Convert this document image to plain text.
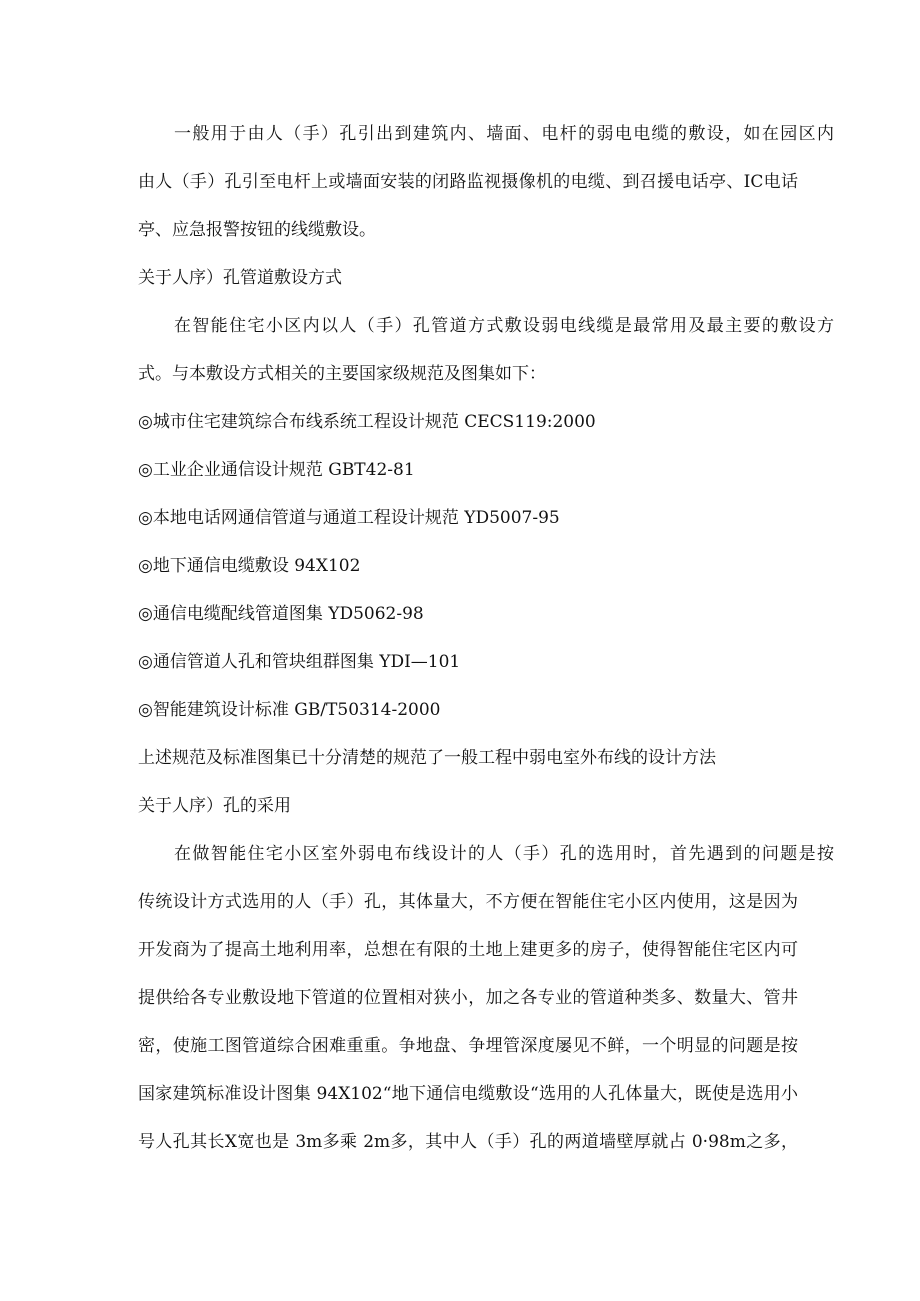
一般用于由人（手）孔引出到建筑内、墙面、电杆的弱电电缆的敷设，如在园区内
由人（手）孔引至电杆上或墙面安装的闭路监视摄像机的电缆、到召援电话亭、IC电话
亭、应急报警按钮的线缆敷设。
关于人序）孔管道敷设方式
在智能住宅小区内以人（手）孔管道方式敷设弱电线缆是最常用及最主要的敷设方
式。与本敷设方式相关的主要国家级规范及图集如下：
◎城市住宅建筑综合布线系统工程设计规范 CECS119:2000
◎工业企业通信设计规范 GBT42-81
◎本地电话网通信管道与通道工程设计规范 YD5007-95
◎地下通信电缆敷设 94X102
◎通信电缆配线管道图集 YD5062-98
◎通信管道人孔和管块组群图集 YDI—101
◎智能建筑设计标准 GB/T50314-2000
上述规范及标准图集已十分清楚的规范了一般工程中弱电室外布线的设计方法
关于人序）孔的采用
在做智能住宅小区室外弱电布线设计的人（手）孔的选用时，首先遇到的问题是按
传统设计方式选用的人（手）孔，其体量大，不方便在智能住宅小区内使用，这是因为
开发商为了提高土地利用率，总想在有限的土地上建更多的房子，使得智能住宅区内可
提供给各专业敷设地下管道的位置相对狭小，加之各专业的管道种类多、数量大、管井
密，使施工图管道综合困难重重。争地盘、争埋管深度屡见不鲜，一个明显的问题是按
国家建筑标准设计图集 94X102“地下通信电缆敷设“选用的人孔体量大，既使是选用小
号人孔其长X宽也是 3m多乘 2m多，其中人（手）孔的两道墙壁厚就占 0·98m之多，
